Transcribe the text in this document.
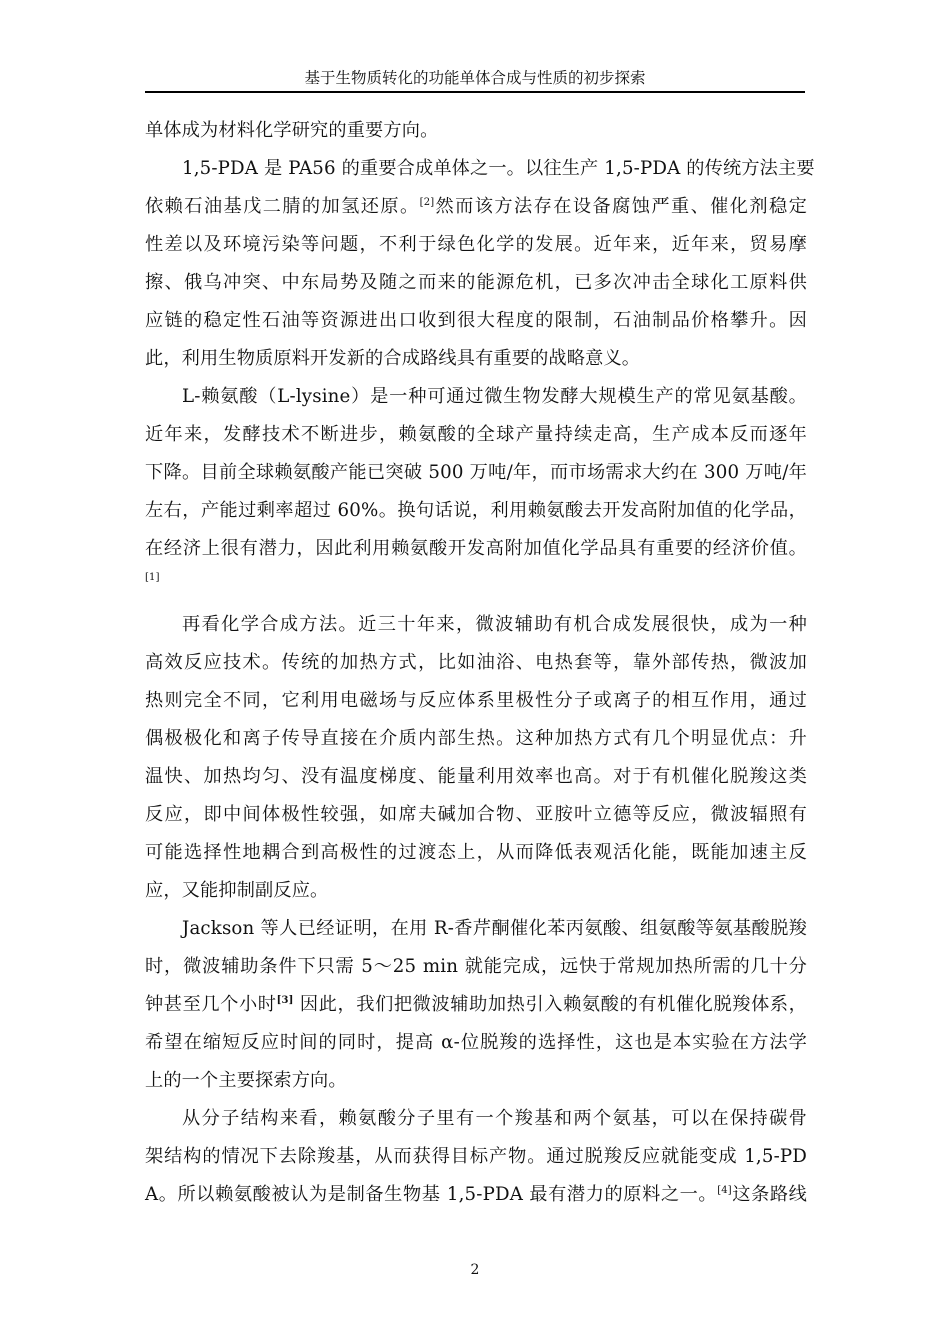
基于生物质转化的功能单体合成与性质的初步探索
单体成为材料化学研究的重要方向。
1,5-PDA 是 PA56 的重要合成单体之一。以往生产 1,5-PDA 的传统方法主要
依赖石油基戊二腈的加氢还原。[2]然而该方法存在设备腐蚀严重、催化剂稳定
性差以及环境污染等问题，不利于绿色化学的发展。近年来，近年来，贸易摩
擦、俄乌冲突、中东局势及随之而来的能源危机，已多次冲击全球化工原料供
应链的稳定性石油等资源进出口收到很大程度的限制，石油制品价格攀升。因
此，利用生物质原料开发新的合成路线具有重要的战略意义。
L-赖氨酸（L-lysine）是一种可通过微生物发酵大规模生产的常见氨基酸。
近年来，发酵技术不断进步，赖氨酸的全球产量持续走高，生产成本反而逐年
下降。目前全球赖氨酸产能已突破 500 万吨/年，而市场需求大约在 300 万吨/年
左右，产能过剩率超过 60%。换句话说，利用赖氨酸去开发高附加值的化学品，
在经济上很有潜力，因此利用赖氨酸开发高附加值化学品具有重要的经济价值。
[1]
再看化学合成方法。近三十年来，微波辅助有机合成发展很快，成为一种
高效反应技术。传统的加热方式，比如油浴、电热套等，靠外部传热，微波加
热则完全不同，它利用电磁场与反应体系里极性分子或离子的相互作用，通过
偶极极化和离子传导直接在介质内部生热。这种加热方式有几个明显优点：升
温快、加热均匀、没有温度梯度、能量利用效率也高。对于有机催化脱羧这类
反应，即中间体极性较强，如席夫碱加合物、亚胺叶立德等反应，微波辐照有
可能选择性地耦合到高极性的过渡态上，从而降低表观活化能，既能加速主反
应，又能抑制副反应。
Jackson 等人已经证明，在用 R-香芹酮催化苯丙氨酸、组氨酸等氨基酸脱羧
时，微波辅助条件下只需 5～25 min 就能完成，远快于常规加热所需的几十分
钟甚至几个小时[3] 因此，我们把微波辅助加热引入赖氨酸的有机催化脱羧体系，
希望在缩短反应时间的同时，提高 α-位脱羧的选择性，这也是本实验在方法学
上的一个主要探索方向。
从分子结构来看，赖氨酸分子里有一个羧基和两个氨基，可以在保持碳骨
架结构的情况下去除羧基，从而获得目标产物。通过脱羧反应就能变成 1,5-PD
A。所以赖氨酸被认为是制备生物基 1,5-PDA 最有潜力的原料之一。[4]这条路线
2
